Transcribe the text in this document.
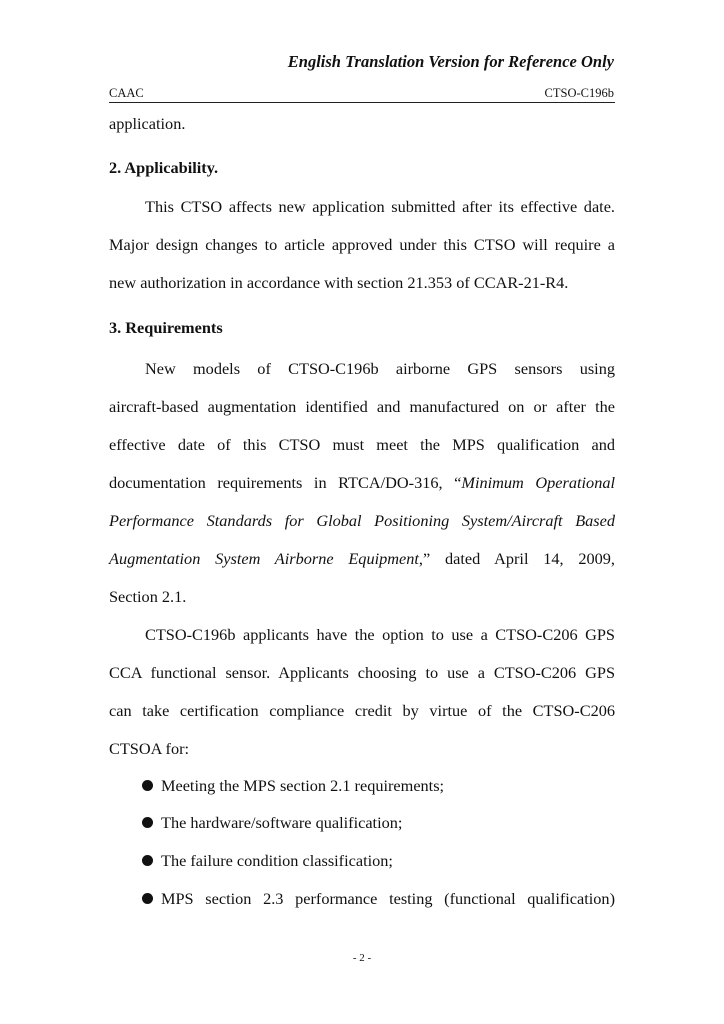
English Translation Version for Reference Only

CAAC	CTSO-C196b

application.

2. Applicability.

This CTSO affects new application submitted after its effective date.

Major design changes to article approved under this CTSO will require a

new authorization in accordance with section 21.353 of CCAR-21-R4.

3. Requirements

New models of CTSO-C196b airborne GPS sensors using

aircraft-based augmentation identified and manufactured on or after the

effective date of this CTSO must meet the MPS qualification and

documentation requirements in RTCA/DO-316, “Minimum Operational

Performance Standards for Global Positioning System/Aircraft Based

Augmentation System Airborne Equipment,” dated April 14, 2009,

Section 2.1.

CTSO-C196b applicants have the option to use a CTSO-C206 GPS

CCA functional sensor. Applicants choosing to use a CTSO-C206 GPS

can take certification compliance credit by virtue of the CTSO-C206

CTSOA for:

Meeting the MPS section 2.1 requirements;

The hardware/software qualification;

The failure condition classification;

MPS section 2.3 performance testing (functional qualification)

- 2 -
